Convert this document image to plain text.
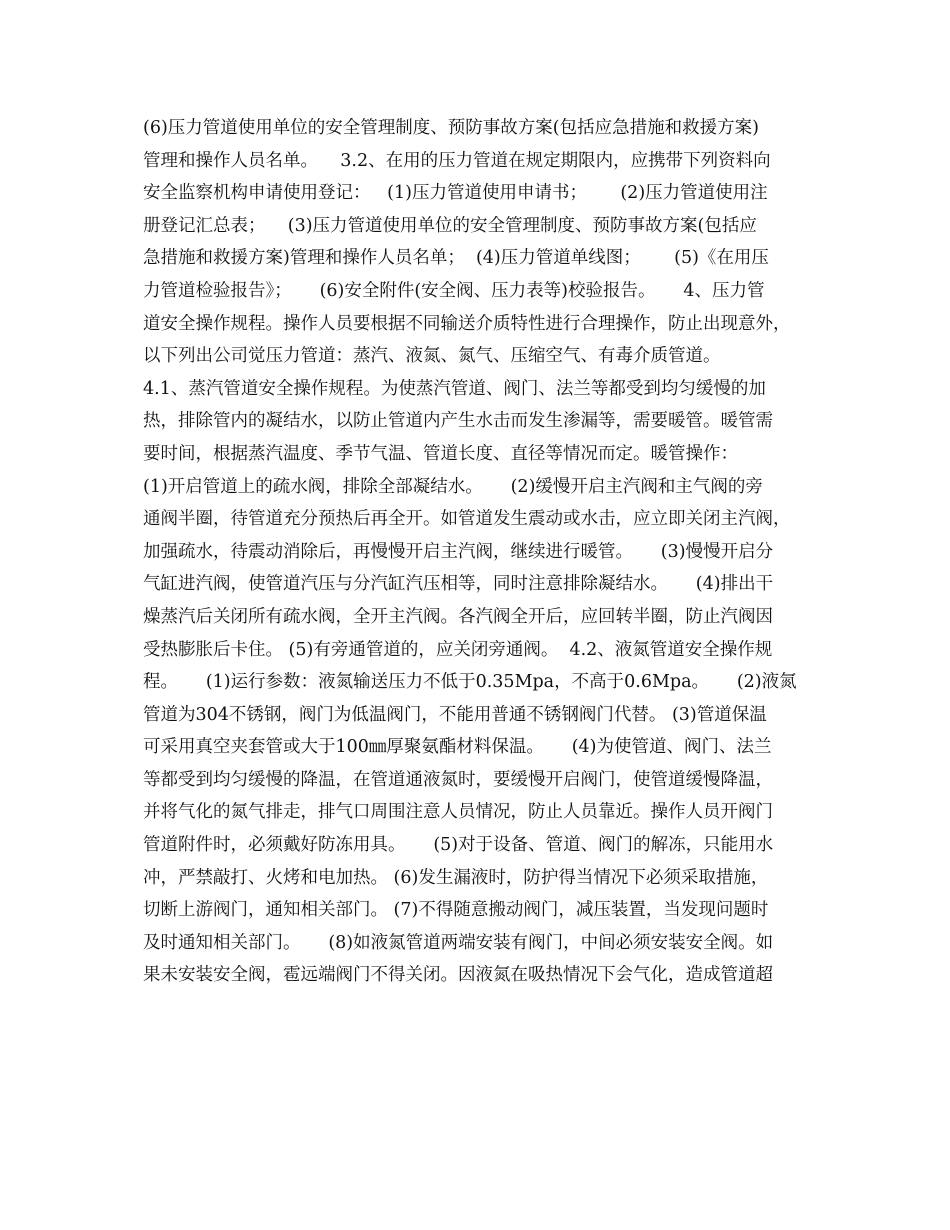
(6)压力管道使用单位的安全管理制度、预防事故方案(包括应急措施和救援方案)
管理和操作人员名单。    3.2、在用的压力管道在规定期限内，应携带下列资料向
安全监察机构申请使用登记：   (1)压力管道使用申请书；      (2)压力管道使用注
册登记汇总表；    (3)压力管道使用单位的安全管理制度、预防事故方案(包括应
急措施和救援方案)管理和操作人员名单；  (4)压力管道单线图；      (5)《在用压
力管道检验报告》；     (6)安全附件(安全阀、压力表等)校验报告。     4、压力管
道安全操作规程。操作人员要根据不同输送介质特性进行合理操作，防止出现意外，
以下列出公司觉压力管道：蒸汽、液氮、氮气、压缩空气、有毒介质管道。
4.1、蒸汽管道安全操作规程。为使蒸汽管道、阀门、法兰等都受到均匀缓慢的加
热，排除管内的凝结水，以防止管道内产生水击而发生渗漏等，需要暖管。暖管需
要时间，根据蒸汽温度、季节气温、管道长度、直径等情况而定。暖管操作：
(1)开启管道上的疏水阀，排除全部凝结水。     (2)缓慢开启主汽阀和主气阀的旁
通阀半圈，待管道充分预热后再全开。如管道发生震动或水击，应立即关闭主汽阀，
加强疏水，待震动消除后，再慢慢开启主汽阀，继续进行暖管。     (3)慢慢开启分
气缸进汽阀，使管道汽压与分汽缸汽压相等，同时注意排除凝结水。     (4)排出干
燥蒸汽后关闭所有疏水阀，全开主汽阀。各汽阀全开后，应回转半圈，防止汽阀因
受热膨胀后卡住。 (5)有旁通管道的，应关闭旁通阀。  4.2、液氮管道安全操作规
程。     (1)运行参数：液氮输送压力不低于0.35Mpa，不高于0.6Mpa。     (2)液氮
管道为304不锈钢，阀门为低温阀门，不能用普通不锈钢阀门代替。 (3)管道保温
可采用真空夹套管或大于100㎜厚聚氨酯材料保温。     (4)为使管道、阀门、法兰
等都受到均匀缓慢的降温，在管道通液氮时，要缓慢开启阀门，使管道缓慢降温，
并将气化的氮气排走，排气口周围注意人员情况，防止人员靠近。操作人员开阀门
管道附件时，必须戴好防冻用具。     (5)对于设备、管道、阀门的解冻，只能用水
冲，严禁敲打、火烤和电加热。 (6)发生漏液时，防护得当情况下必须采取措施，
切断上游阀门，通知相关部门。 (7)不得随意搬动阀门，减压装置，当发现问题时
及时通知相关部门。     (8)如液氮管道两端安装有阀门，中间必须安装安全阀。如
果未安装安全阀，雹远端阀门不得关闭。因液氮在吸热情况下会气化，造成管道超
